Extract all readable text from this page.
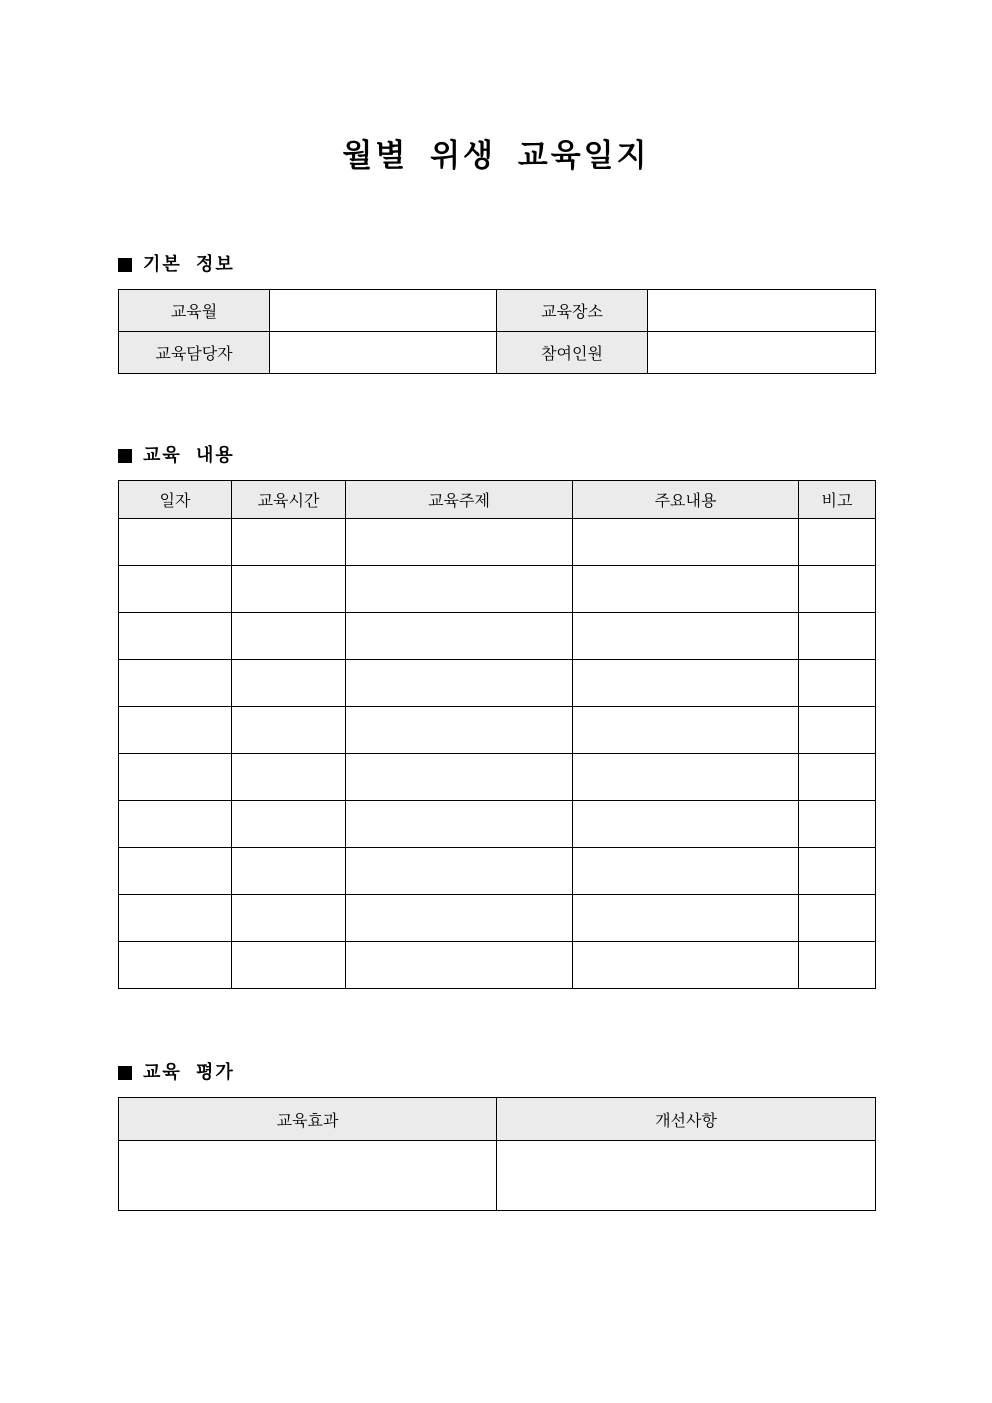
월별 위생 교육일지
기본 정보
교육월		교육장소	
교육담당자		참여인원	
교육 내용
일자	교육시간	교육주제	주요내용	비고

교육 평가
교육효과	개선사항
